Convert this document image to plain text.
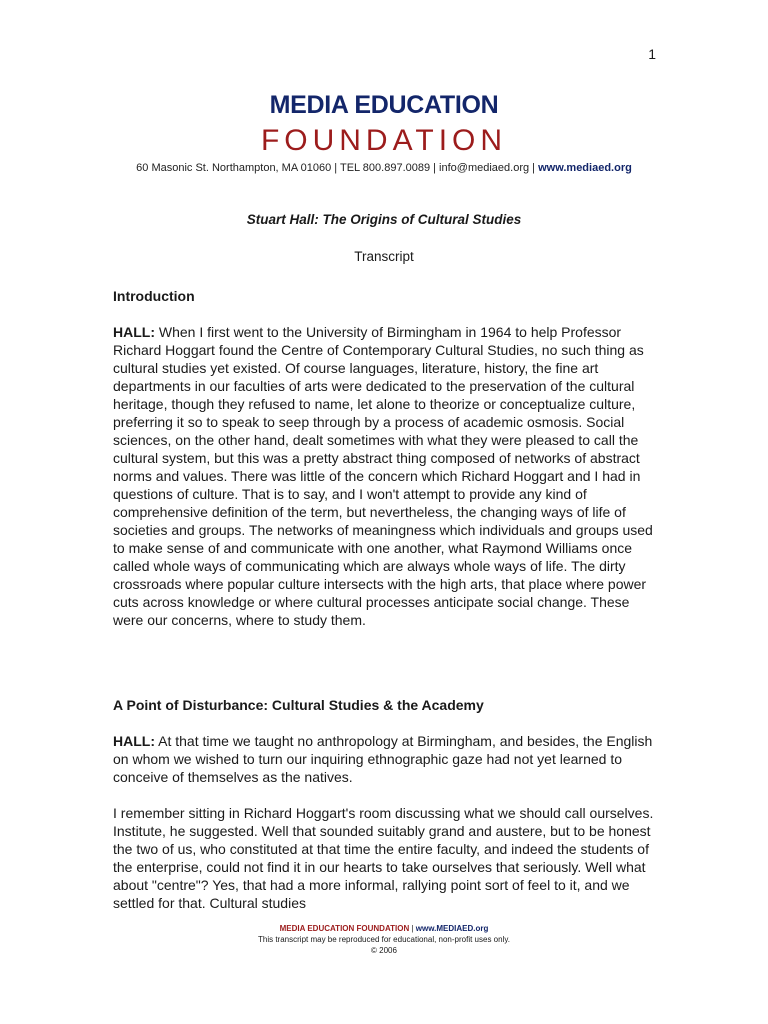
1
MEDIA EDUCATION
FOUNDATION
60 Masonic St. Northampton, MA 01060 | TEL 800.897.0089 | info@mediaed.org | www.mediaed.org
Stuart Hall: The Origins of Cultural Studies
Transcript
Introduction

HALL: When I first went to the University of Birmingham in 1964 to help Professor Richard Hoggart found the Centre of Contemporary Cultural Studies, no such thing as cultural studies yet existed. Of course languages, literature, history, the fine art departments in our faculties of arts were dedicated to the preservation of the cultural heritage, though they refused to name, let alone to theorize or conceptualize culture, preferring it so to speak to seep through by a process of academic osmosis. Social sciences, on the other hand, dealt sometimes with what they were pleased to call the cultural system, but this was a pretty abstract thing composed of networks of abstract norms and values. There was little of the concern which Richard Hoggart and I had in questions of culture. That is to say, and I won't attempt to provide any kind of comprehensive definition of the term, but nevertheless, the changing ways of life of societies and groups. The networks of meaningness which individuals and groups used to make sense of and communicate with one another, what Raymond Williams once called whole ways of communicating which are always whole ways of life. The dirty crossroads where popular culture intersects with the high arts, that place where power cuts across knowledge or where cultural processes anticipate social change. These were our concerns, where to study them.

A Point of Disturbance: Cultural Studies & the Academy

HALL: At that time we taught no anthropology at Birmingham, and besides, the English on whom we wished to turn our inquiring ethnographic gaze had not yet learned to conceive of themselves as the natives.

I remember sitting in Richard Hoggart's room discussing what we should call ourselves. Institute, he suggested. Well that sounded suitably grand and austere, but to be honest the two of us, who constituted at that time the entire faculty, and indeed the students of the enterprise, could not find it in our hearts to take ourselves that seriously. Well what about "centre"? Yes, that had a more informal, rallying point sort of feel to it, and we settled for that. Cultural studies

MEDIA EDUCATION FOUNDATION | www.MEDIAED.org
This transcript may be reproduced for educational, non-profit uses only.
© 2006
